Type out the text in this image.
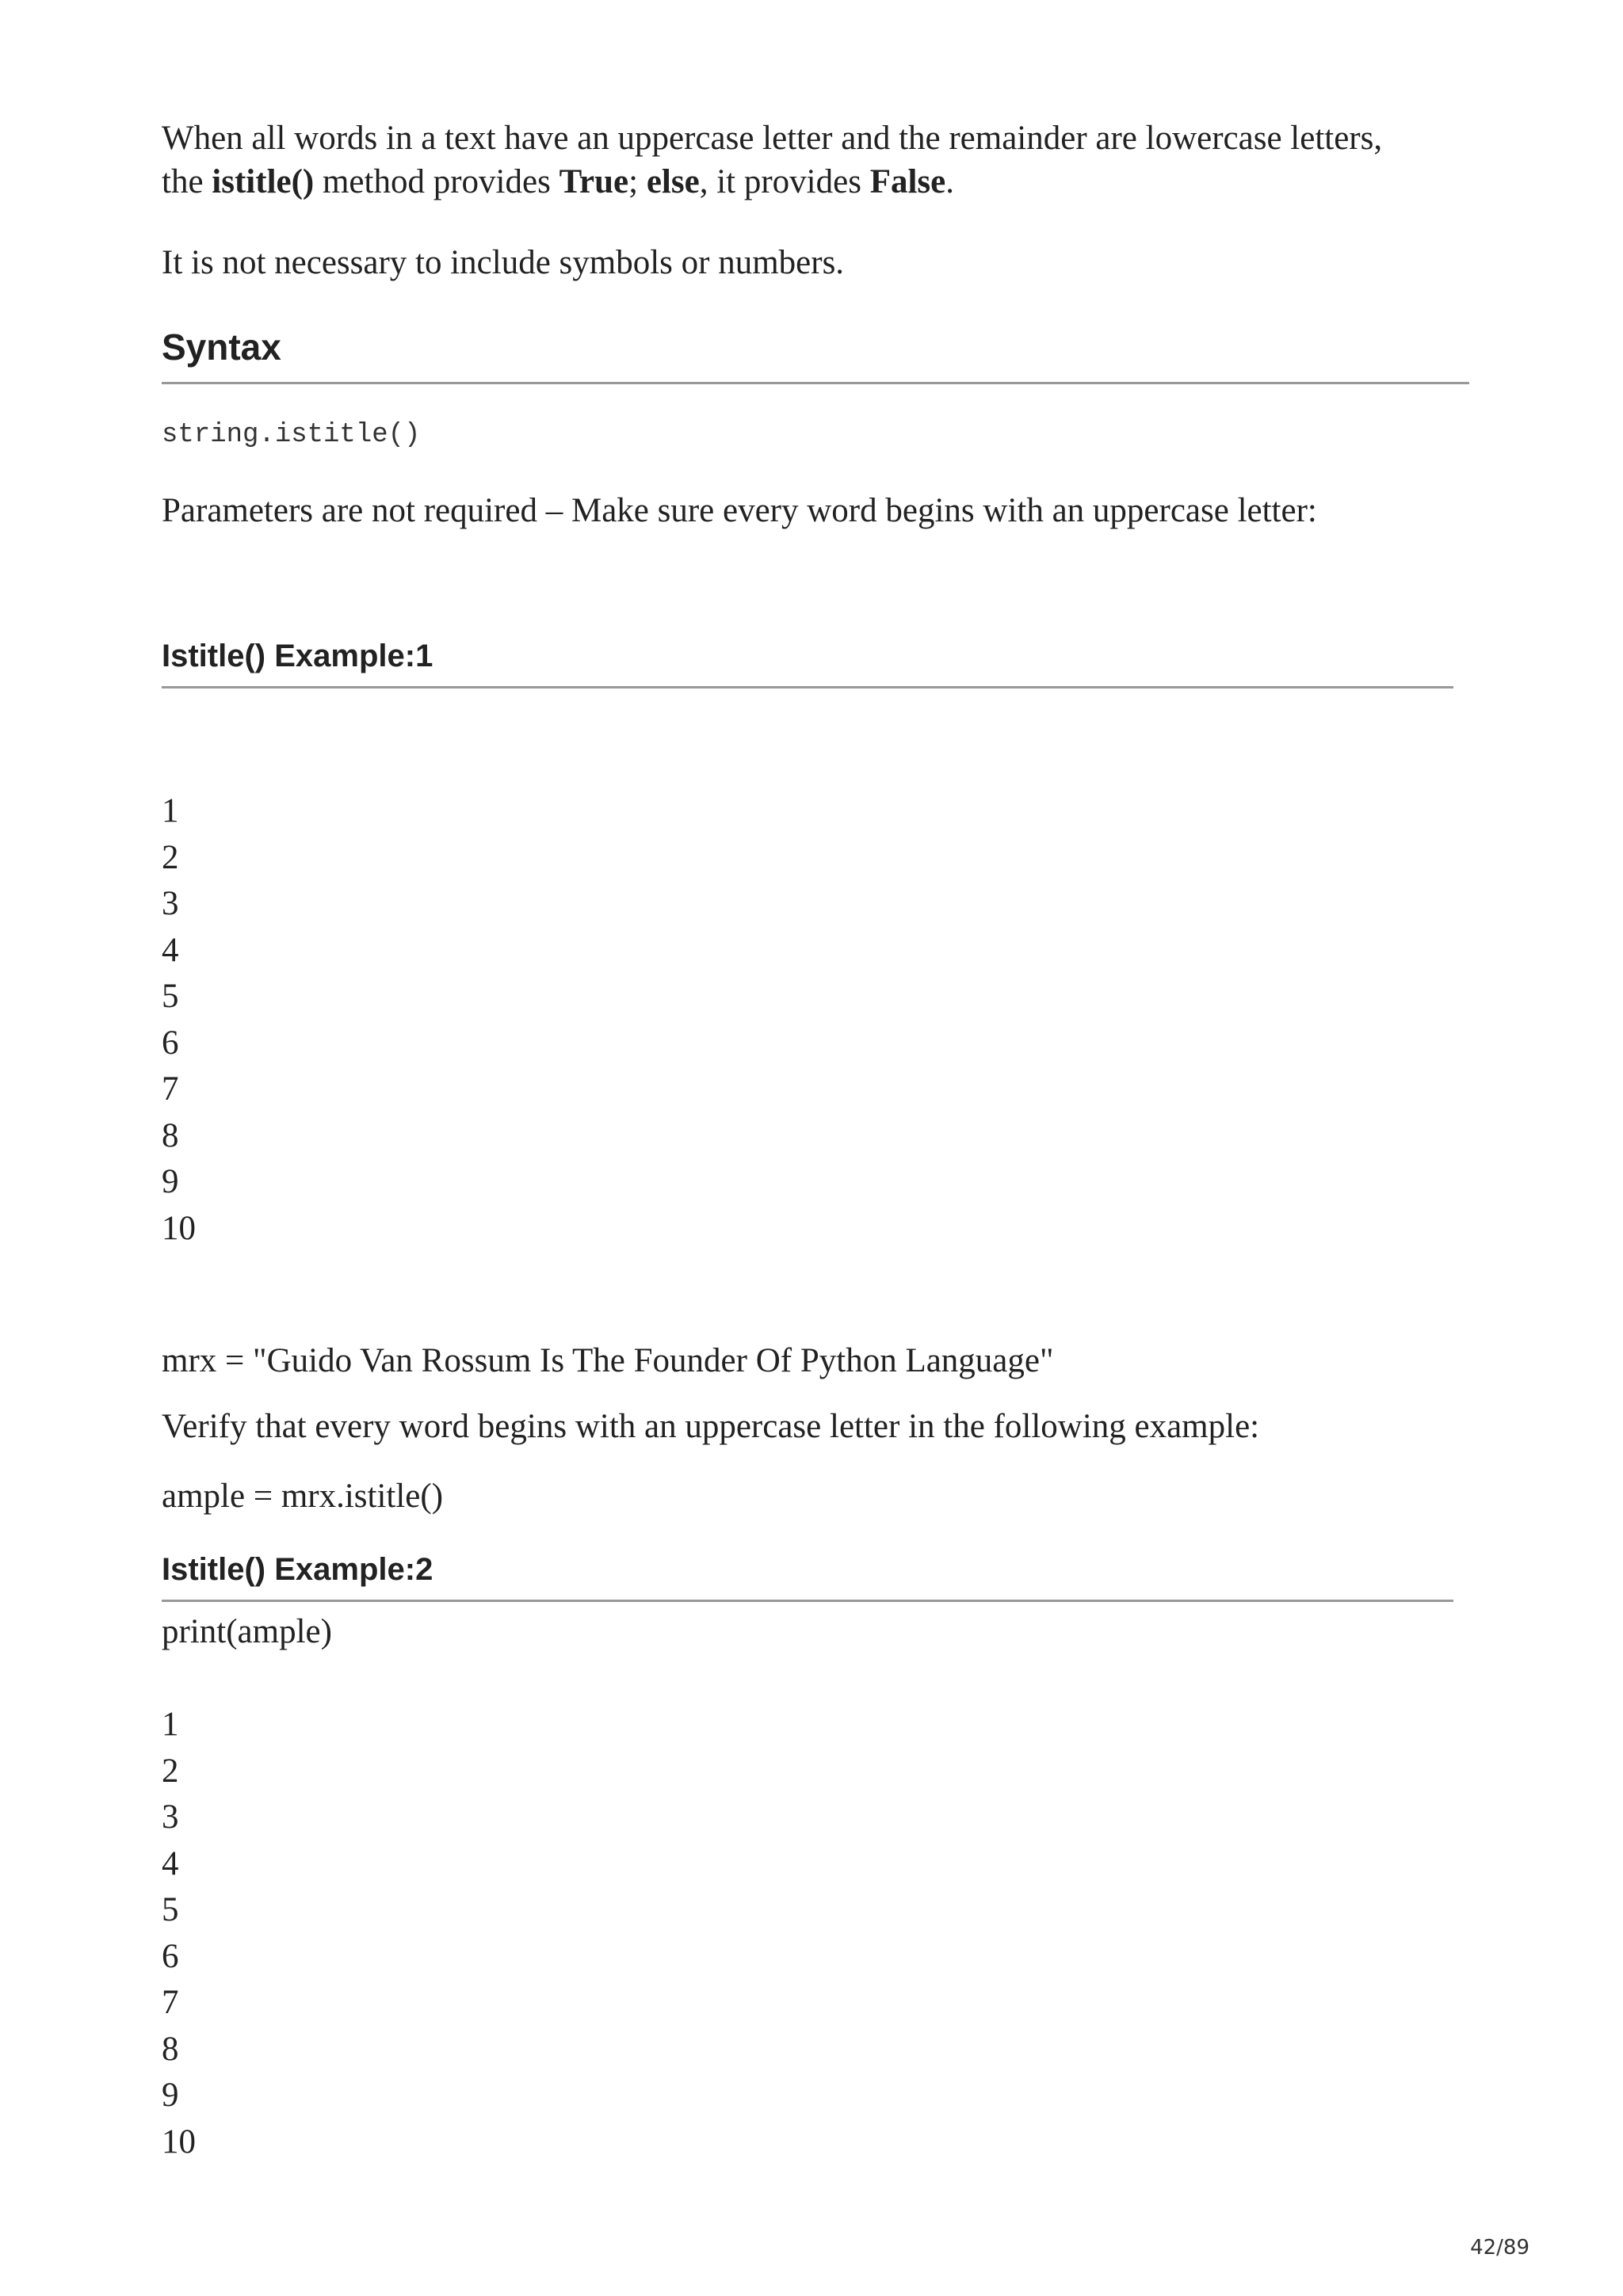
When all words in a text have an uppercase letter and the remainder are lowercase letters,

the istitle() method provides True; else, it provides False.

It is not necessary to include symbols or numbers.

Syntax
string.istitle()

Parameters are not required – Make sure every word begins with an uppercase letter:

Istitle() Example:1
1
2
3
4
5
6
7
8
9
10

mrx = "Guido Van Rossum Is The Founder Of Python Language"

ample = mrx.istitle()

print(ample)

Verify that every word begins with an uppercase letter in the following example:

Istitle() Example:2
1
2
3
4
5
6
7
8
9
10
42/89
